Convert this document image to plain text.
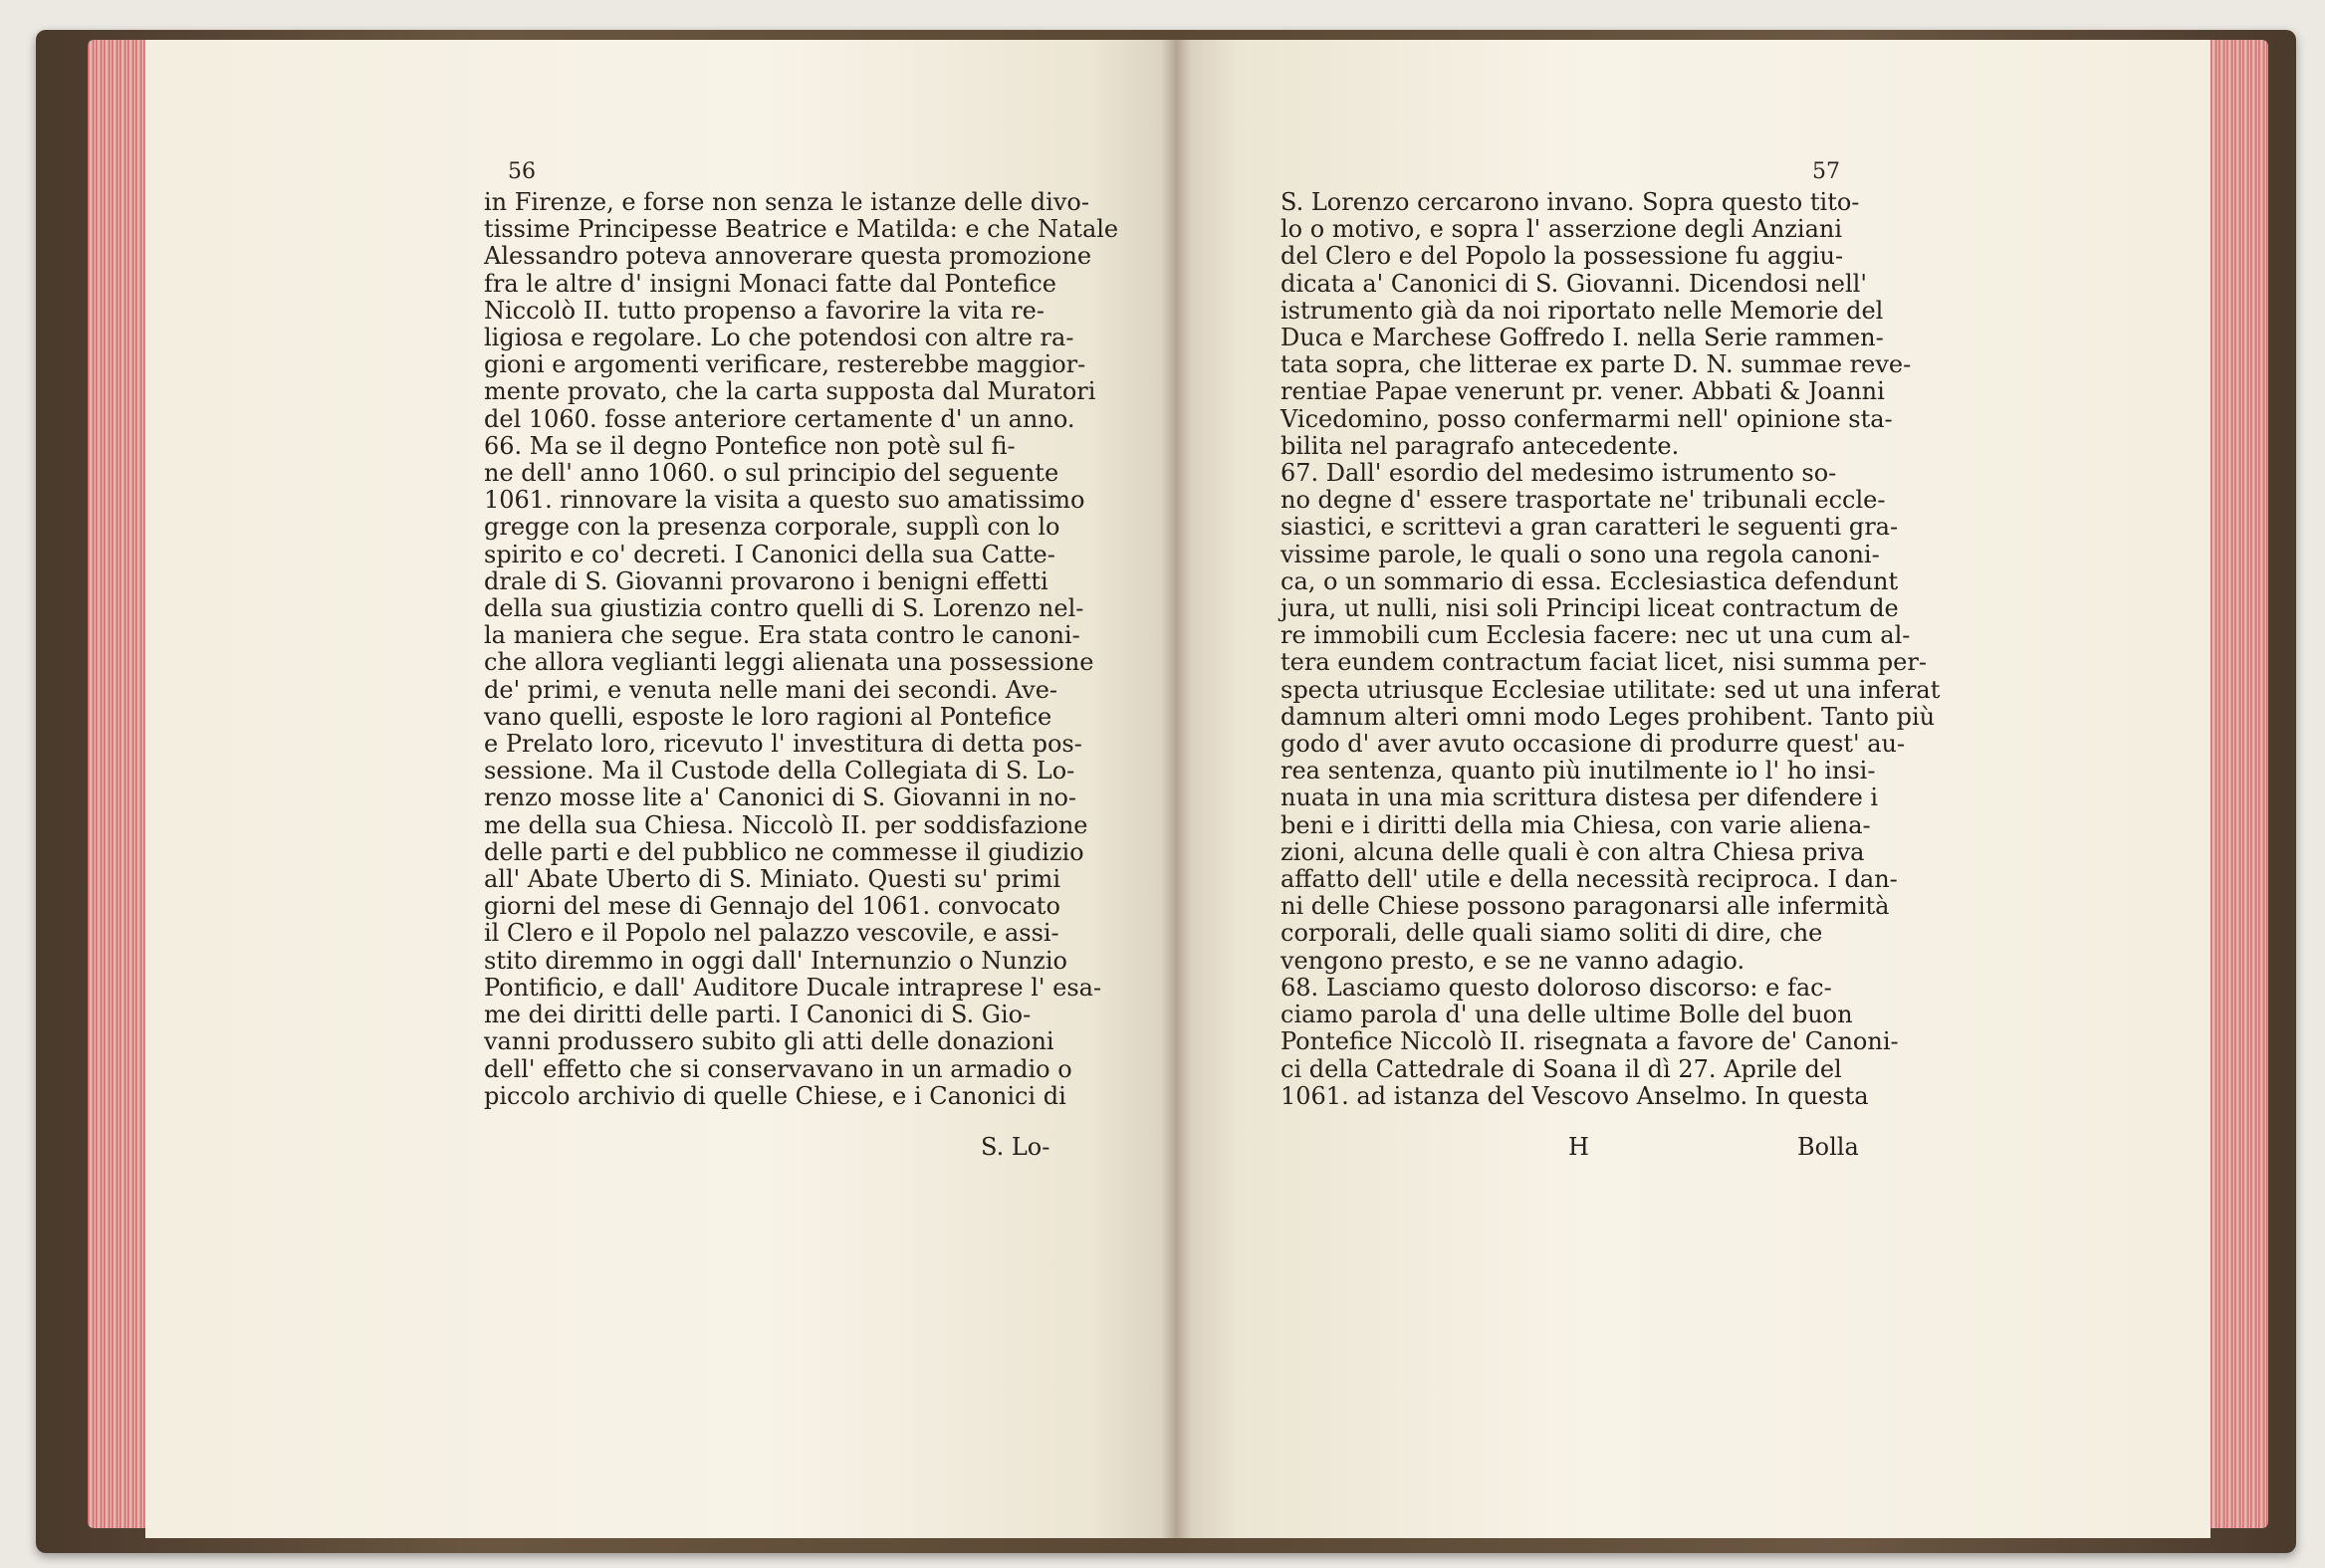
56	57
in Firenze, e forse non senza le istanze delle divo-
tissime Principesse Beatrice e Matilda: e che Natale
Alessandro poteva annoverare questa promozione
fra le altre d' insigni Monaci fatte dal Pontefice
Niccolò II. tutto propenso a favorire la vita re-
ligiosa e regolare. Lo che potendosi con altre ra-
gioni e argomenti verificare, resterebbe maggior-
mente provato, che la carta supposta dal Muratori
del 1060. fosse anteriore certamente d' un anno.
66. Ma se il degno Pontefice non potè sul fi-
ne dell' anno 1060. o sul principio del seguente
1061. rinnovare la visita a questo suo amatissimo
gregge con la presenza corporale, supplì con lo
spirito e co' decreti. I Canonici della sua Catte-
drale di S. Giovanni provarono i benigni effetti
della sua giustizia contro quelli di S. Lorenzo nel-
la maniera che segue. Era stata contro le canoni-
che allora veglianti leggi alienata una possessione
de' primi, e venuta nelle mani dei secondi. Ave-
vano quelli, esposte le loro ragioni al Pontefice
e Prelato loro, ricevuto l' investitura di detta pos-
sessione. Ma il Custode della Collegiata di S. Lo-
renzo mosse lite a' Canonici di S. Giovanni in no-
me della sua Chiesa. Niccolò II. per soddisfazione
delle parti e del pubblico ne commesse il giudizio
all' Abate Uberto di S. Miniato. Questi su' primi
giorni del mese di Gennajo del 1061. convocato
il Clero e il Popolo nel palazzo vescovile, e assi-
stito diremmo in oggi dall' Internunzio o Nunzio
Pontificio, e dall' Auditore Ducale intraprese l' esa-
me dei diritti delle parti. I Canonici di S. Gio-
vanni produssero subito gli atti delle donazioni
dell' effetto che si conservavano in un armadio o
piccolo archivio di quelle Chiese, e i Canonici di
S. Lo-
S. Lorenzo cercarono invano. Sopra questo tito-
lo o motivo, e sopra l' asserzione degli Anziani
del Clero e del Popolo la possessione fu aggiu-
dicata a' Canonici di S. Giovanni. Dicendosi nell'
istrumento già da noi riportato nelle Memorie del
Duca e Marchese Goffredo I. nella Serie rammen-
tata sopra, che litterae ex parte D. N. summae reve-
rentiae Papae venerunt pr. vener. Abbati & Joanni
Vicedomino, posso confermarmi nell' opinione sta-
bilita nel paragrafo antecedente.
67. Dall' esordio del medesimo istrumento so-
no degne d' essere trasportate ne' tribunali eccle-
siastici, e scrittevi a gran caratteri le seguenti gra-
vissime parole, le quali o sono una regola canoni-
ca, o un sommario di essa. Ecclesiastica defendunt
jura, ut nulli, nisi soli Principi liceat contractum de
re immobili cum Ecclesia facere: nec ut una cum al-
tera eundem contractum faciat licet, nisi summa per-
specta utriusque Ecclesiae utilitate: sed ut una inferat
damnum alteri omni modo Leges prohibent. Tanto più
godo d' aver avuto occasione di produrre quest' au-
rea sentenza, quanto più inutilmente io l' ho insi-
nuata in una mia scrittura distesa per difendere i
beni e i diritti della mia Chiesa, con varie aliena-
zioni, alcuna delle quali è con altra Chiesa priva
affatto dell' utile e della necessità reciproca. I dan-
ni delle Chiese possono paragonarsi alle infermità
corporali, delle quali siamo soliti di dire, che
vengono presto, e se ne vanno adagio.
68. Lasciamo questo doloroso discorso: e fac-
ciamo parola d' una delle ultime Bolle del buon
Pontefice Niccolò II. risegnata a favore de' Canoni-
ci della Cattedrale di Soana il dì 27. Aprile del
1061. ad istanza del Vescovo Anselmo. In questa
H	Bolla
